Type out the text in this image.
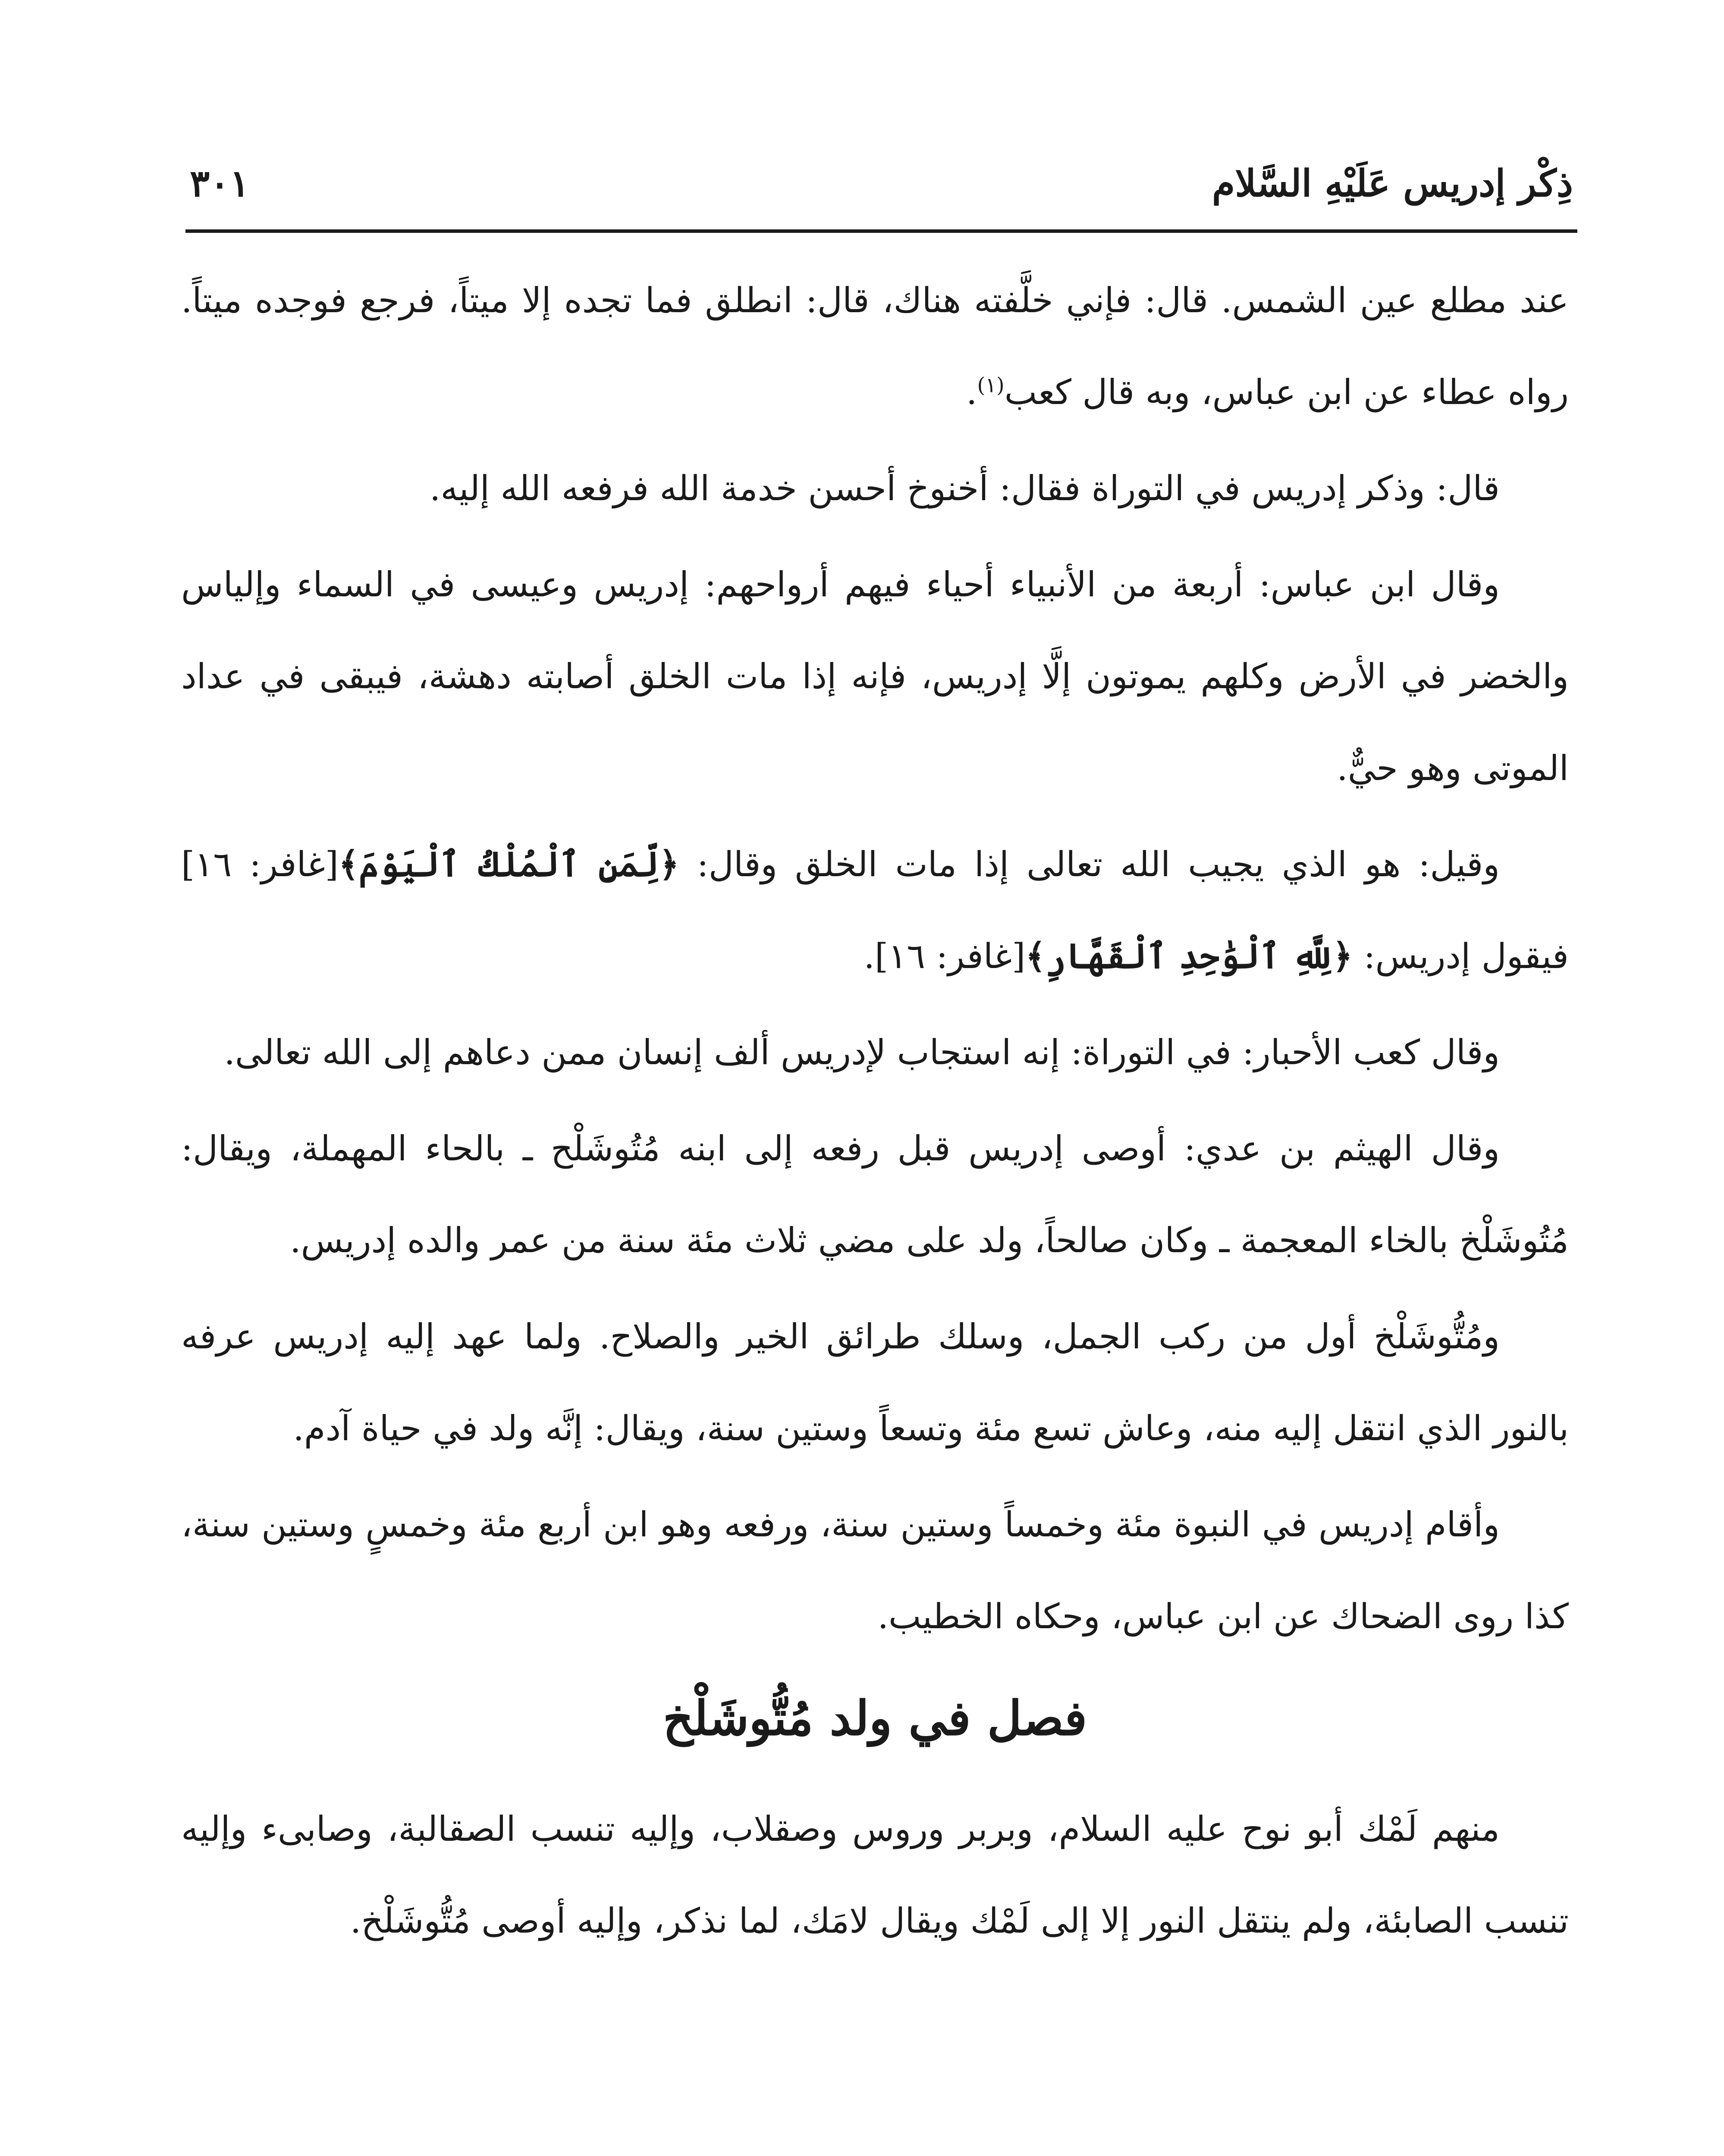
ذِكْر إدريس عَلَيْهِ السَّلام
٣٠١

عند مطلع عين الشمس. قال: فإني خلَّفته هناك، قال: انطلق فما تجده إلا ميتاً، فرجع فوجده ميتاً. رواه عطاء عن ابن عباس، وبه قال كعب$^{(١)}$.

قال: وذكر إدريس في التوراة فقال: أخنوخ أحسن خدمة الله فرفعه الله إليه.

وقال ابن عباس: أربعة من الأنبياء أحياء فيهم أرواحهم: إدريس وعيسى في السماء وإلياس والخضر في الأرض وكلهم يموتون إلَّا إدريس، فإنه إذا مات الخلق أصابته دهشة، فيبقى في عداد الموتى وهو حيٌّ.

وقيل: هو الذي يجيب الله تعالى إذا مات الخلق وقال: ﴿لِّمَنِ ٱلْمُلْكُ ٱلْيَوْمَ﴾[غافر: ١٦] فيقول إدريس: ﴿لِلَّهِ ٱلْوَٰحِدِ ٱلْقَهَّارِ﴾[غافر: ١٦].

وقال كعب الأحبار: في التوراة: إنه استجاب لإدريس ألف إنسان ممن دعاهم إلى الله تعالى.

وقال الهيثم بن عدي: أوصى إدريس قبل رفعه إلى ابنه مُتُوشَلْح ـ بالحاء المهملة، ويقال: مُتُوشَلْخ بالخاء المعجمة ـ وكان صالحاً، ولد على مضي ثلاث مئة سنة من عمر والده إدريس.

ومُتُّوشَلْخ أول من ركب الجمل، وسلك طرائق الخير والصلاح. ولما عهد إليه إدريس عرفه بالنور الذي انتقل إليه منه، وعاش تسع مئة وتسعاً وستين سنة، ويقال: إنَّه ولد في حياة آدم.

وأقام إدريس في النبوة مئة وخمساً وستين سنة، ورفعه وهو ابن أربع مئة وخمسٍ وستين سنة، كذا روى الضحاك عن ابن عباس، وحكاه الخطيب.

فصل في ولد مُتُّوشَلْخ

منهم لَمْك أبو نوح عليه السلام، وبربر وروس وصقلاب، وإليه تنسب الصقالبة، وصابىء وإليه تنسب الصابئة، ولم ينتقل النور إلا إلى لَمْك ويقال لامَك، لما نذكر، وإليه أوصى مُتُّوشَلْخ.
